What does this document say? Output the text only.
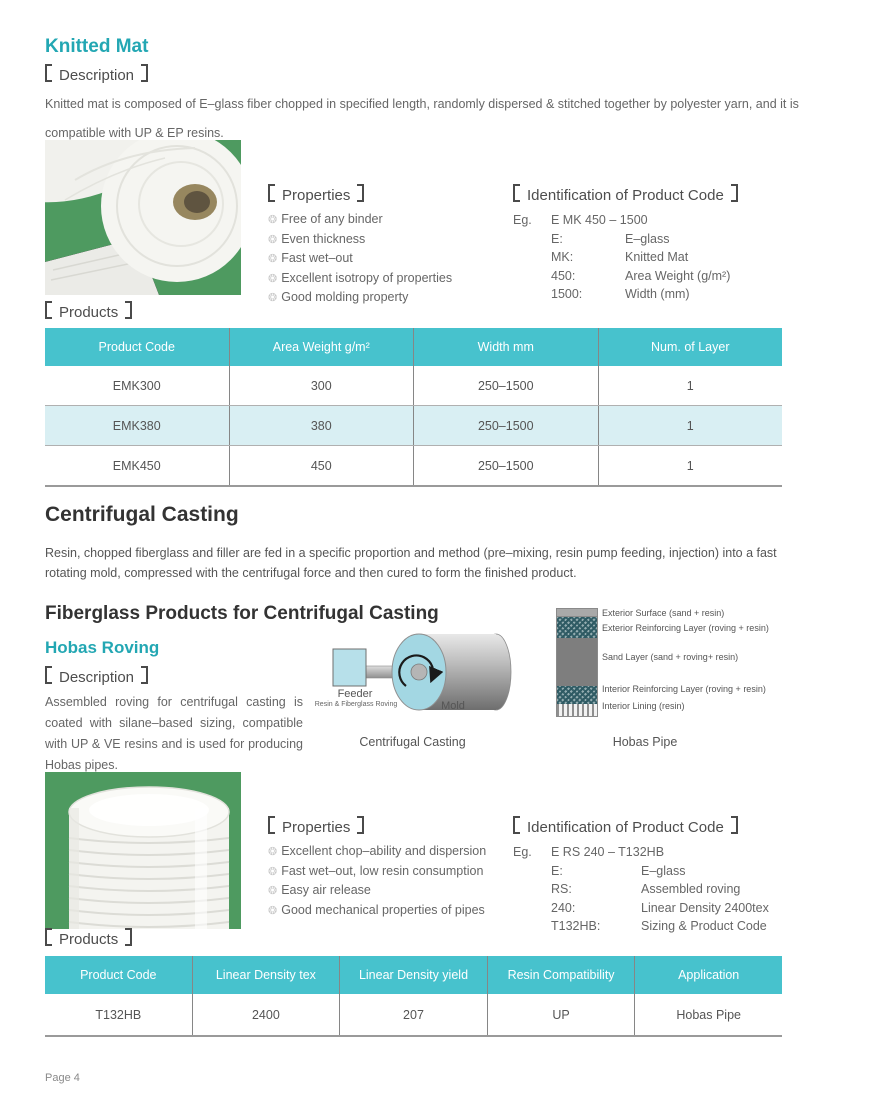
Knitted Mat
Description
Knitted mat is composed of E–glass fiber chopped in specified length, randomly dispersed & stitched together by polyester yarn, and it is compatible with UP & EP resins.
Properties
❂ Free of any binder
❂ Even thickness
❂ Fast wet–out
❂ Excellent isotropy of properties
❂ Good molding property
Identification of Product Code
Eg.	E MK 450 – 1500
E:	E–glass
MK:	Knitted Mat
450:	Area Weight (g/m²)
1500:	Width (mm)
Products
Product Code	Area Weight g/m²	Width mm	Num. of Layer
EMK300	300	250–1500	1
EMK380	380	250–1500	1
EMK450	450	250–1500	1
Centrifugal Casting
Resin, chopped fiberglass and filler are fed in a specific proportion and method (pre–mixing, resin pump feeding, injection) into a fast rotating mold, compressed with the centrifugal force and then cured to form the finished product.
Fiberglass Products for Centrifugal Casting	Exterior Surface (sand + resin)
Exterior Reinforcing Layer (roving + resin)
Sand Layer (sand + roving+ resin)
Interior Reinforcing Layer (roving + resin)
Interior Lining (resin)
Hobas Pipe
Hobas Roving
Description
Assembled roving for centrifugal casting is coated with silane–based sizing, compatible with UP & VE resins and is used for producing Hobas pipes.
Feeder
Resin & Fiberglass Roving	Mold
Centrifugal Casting
Properties
❂ Excellent chop–ability and dispersion
❂ Fast wet–out, low resin consumption
❂ Easy air release
❂ Good mechanical properties of pipes
Identification of Product Code
Eg.	E RS 240 – T132HB
E:	E–glass
RS:	Assembled roving
240:	Linear Density 2400tex
T132HB:	Sizing & Product Code
Products
Product Code	Linear Density tex	Linear Density yield	Resin Compatibility	Application
T132HB	2400	207	UP	Hobas Pipe
Page 4
